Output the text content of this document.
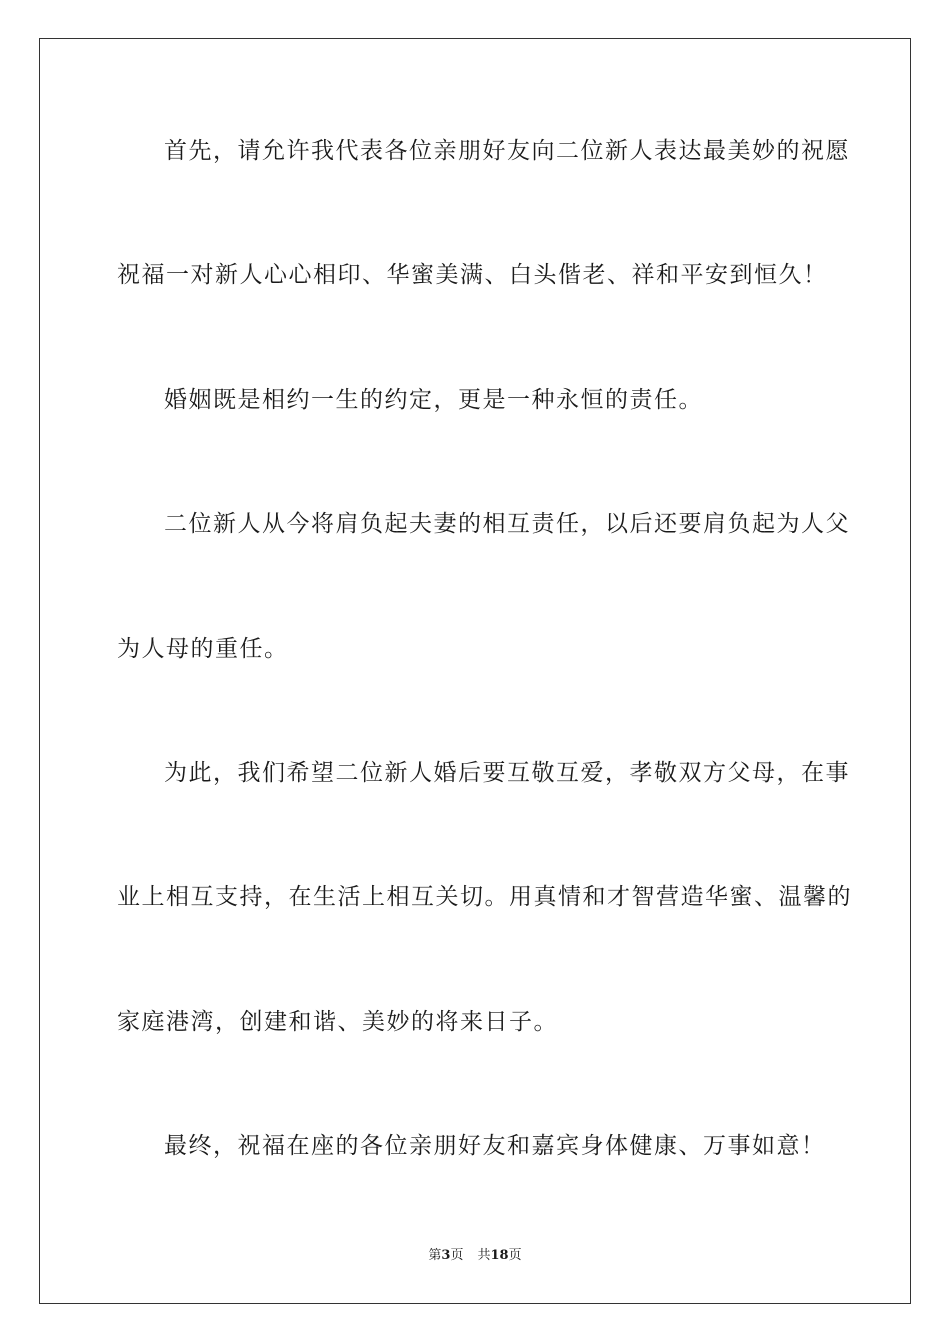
首先，请允许我代表各位亲朋好友向二位新人表达最美妙的祝愿
祝福一对新人心心相印、华蜜美满、白头偕老、祥和平安到恒久！
婚姻既是相约一生的约定，更是一种永恒的责任。
二位新人从今将肩负起夫妻的相互责任，以后还要肩负起为人父
为人母的重任。
为此，我们希望二位新人婚后要互敬互爱，孝敬双方父母，在事
业上相互支持，在生活上相互关切。用真情和才智营造华蜜、温馨的
家庭港湾，创建和谐、美妙的将来日子。
最终，祝福在座的各位亲朋好友和嘉宾身体健康、万事如意！
第3页 共18页
